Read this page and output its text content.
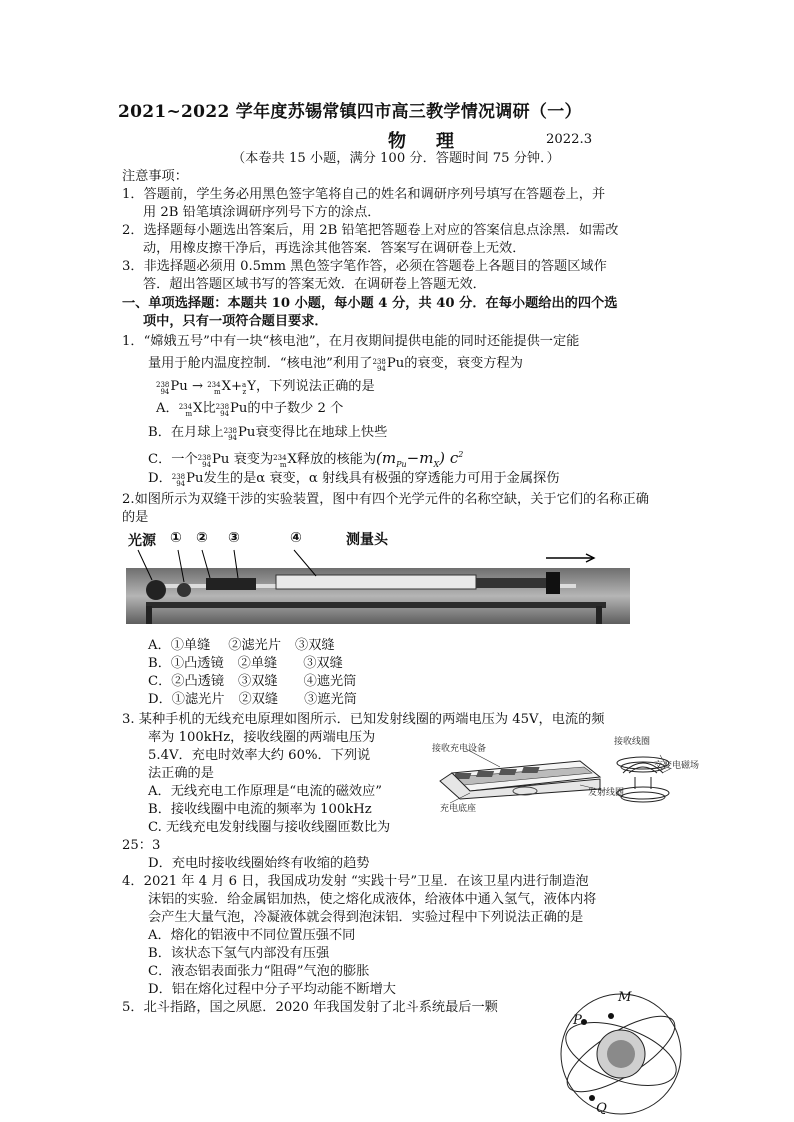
2021~2022 学年度苏锡常镇四市高三教学情况调研（一）
物理	2022.3
（本卷共 15 小题，满分 100 分．答题时间 75 分钟．）
注意事项：
1．答题前，学生务必用黑色签字笔将自己的姓名和调研序列号填写在答题卷上，并
用 2B 铅笔填涂调研序列号下方的涂点．
2．选择题每小题选出答案后，用 2B 铅笔把答题卷上对应的答案信息点涂黑．如需改
动，用橡皮擦干净后，再选涂其他答案．答案写在调研卷上无效．
3．非选择题必须用 0.5mm 黑色签字笔作答，必须在答题卷上各题目的答题区域作
答．超出答题区域书写的答案无效．在调研卷上答题无效．
一、单项选择题：本题共 10 小题，每小题 4 分，共 40 分．在每小题给出的四个选
项中，只有一项符合题目要求．
1．“嫦娥五号”中有一块“核电池”，在月夜期间提供电能的同时还能提供一定能
量用于舱内温度控制．“核电池”利用了 238
94 Pu的衰变，衰变方程为
238
94 Pu → 234
m X+ a
z Y，下列说法正确的是
A． 234
m X比 238
94 Pu的中子数少 2 个
B．在月球上 238
94 Pu衰变得比在地球上快些
C．一个 238
94 Pu 衰变为 234
m X释放的核能为$(m_{Pu}-m_X)$ $c^2$
D． 238
94 Pu发生的是α 衰变，α 射线具有极强的穿透能力可用于金属探伤
2.如图所示为双缝干涉的实验装置，图中有四个光学元件的名称空缺，关于它们的名称正确
的是
光源 ① ② ③	④	测量头
A．①单缝 ②滤光片 ③双缝
B．①凸透镜 ②单缝 ③双缝
C．②凸透镜 ③双缝 ④遮光筒
D．①滤光片 ②双缝 ③遮光筒
3. 某种手机的无线充电原理如图所示．已知发射线圈的两端电压为 45V，电流的频
率为 100kHz，接收线圈的两端电压为
5.4V．充电时效率大约 60%．下列说
法正确的是
A．无线充电工作原理是“电流的磁效应”
B．接收线圈中电流的频率为 100kHz
C. 无线充电发射线圈与接收线圈匝数比为
25：3
D．充电时接收线圈始终有收缩的趋势
接收充电设备
充电底座
接收线圈
交变电磁场
发射线圈
4．2021 年 4 月 6 日，我国成功发射 “实践十号”卫星．在该卫星内进行制造泡
沫铝的实验．给金属铝加热，使之熔化成液体，给液体中通入氢气，液体内将
会产生大量气泡，冷凝液体就会得到泡沫铝．实验过程中下列说法正确的是
A．熔化的铝液中不同位置压强不同
B．该状态下氢气内部没有压强
C．液态铝表面张力“阻碍”气泡的膨胀
D．铝在熔化过程中分子平均动能不断增大
5．北斗指路，国之夙愿．2020 年我国发射了北斗系统最后一颗
M
P
Q
